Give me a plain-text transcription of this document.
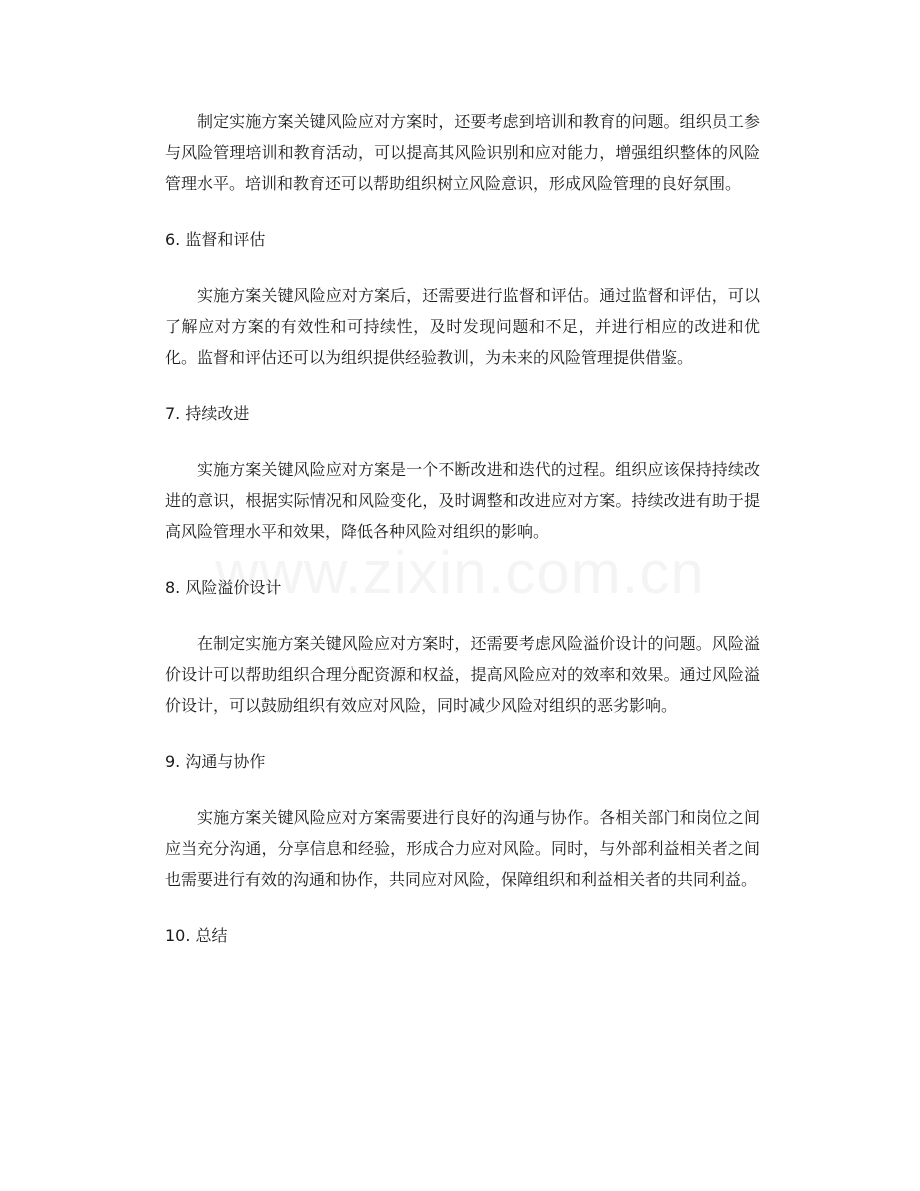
制定实施方案关键风险应对方案时，还要考虑到培训和教育的问题。组织员工参与风险管理培训和教育活动，可以提高其风险识别和应对能力，增强组织整体的风险管理水平。培训和教育还可以帮助组织树立风险意识，形成风险管理的良好氛围。

6. 监督和评估

实施方案关键风险应对方案后，还需要进行监督和评估。通过监督和评估，可以了解应对方案的有效性和可持续性，及时发现问题和不足，并进行相应的改进和优化。监督和评估还可以为组织提供经验教训，为未来的风险管理提供借鉴。

7. 持续改进

实施方案关键风险应对方案是一个不断改进和迭代的过程。组织应该保持持续改进的意识，根据实际情况和风险变化，及时调整和改进应对方案。持续改进有助于提高风险管理水平和效果，降低各种风险对组织的影响。

8. 风险溢价设计

在制定实施方案关键风险应对方案时，还需要考虑风险溢价设计的问题。风险溢价设计可以帮助组织合理分配资源和权益，提高风险应对的效率和效果。通过风险溢价设计，可以鼓励组织有效应对风险，同时减少风险对组织的恶劣影响。

9. 沟通与协作

实施方案关键风险应对方案需要进行良好的沟通与协作。各相关部门和岗位之间应当充分沟通，分享信息和经验，形成合力应对风险。同时，与外部利益相关者之间也需要进行有效的沟通和协作，共同应对风险，保障组织和利益相关者的共同利益。

10. 总结
